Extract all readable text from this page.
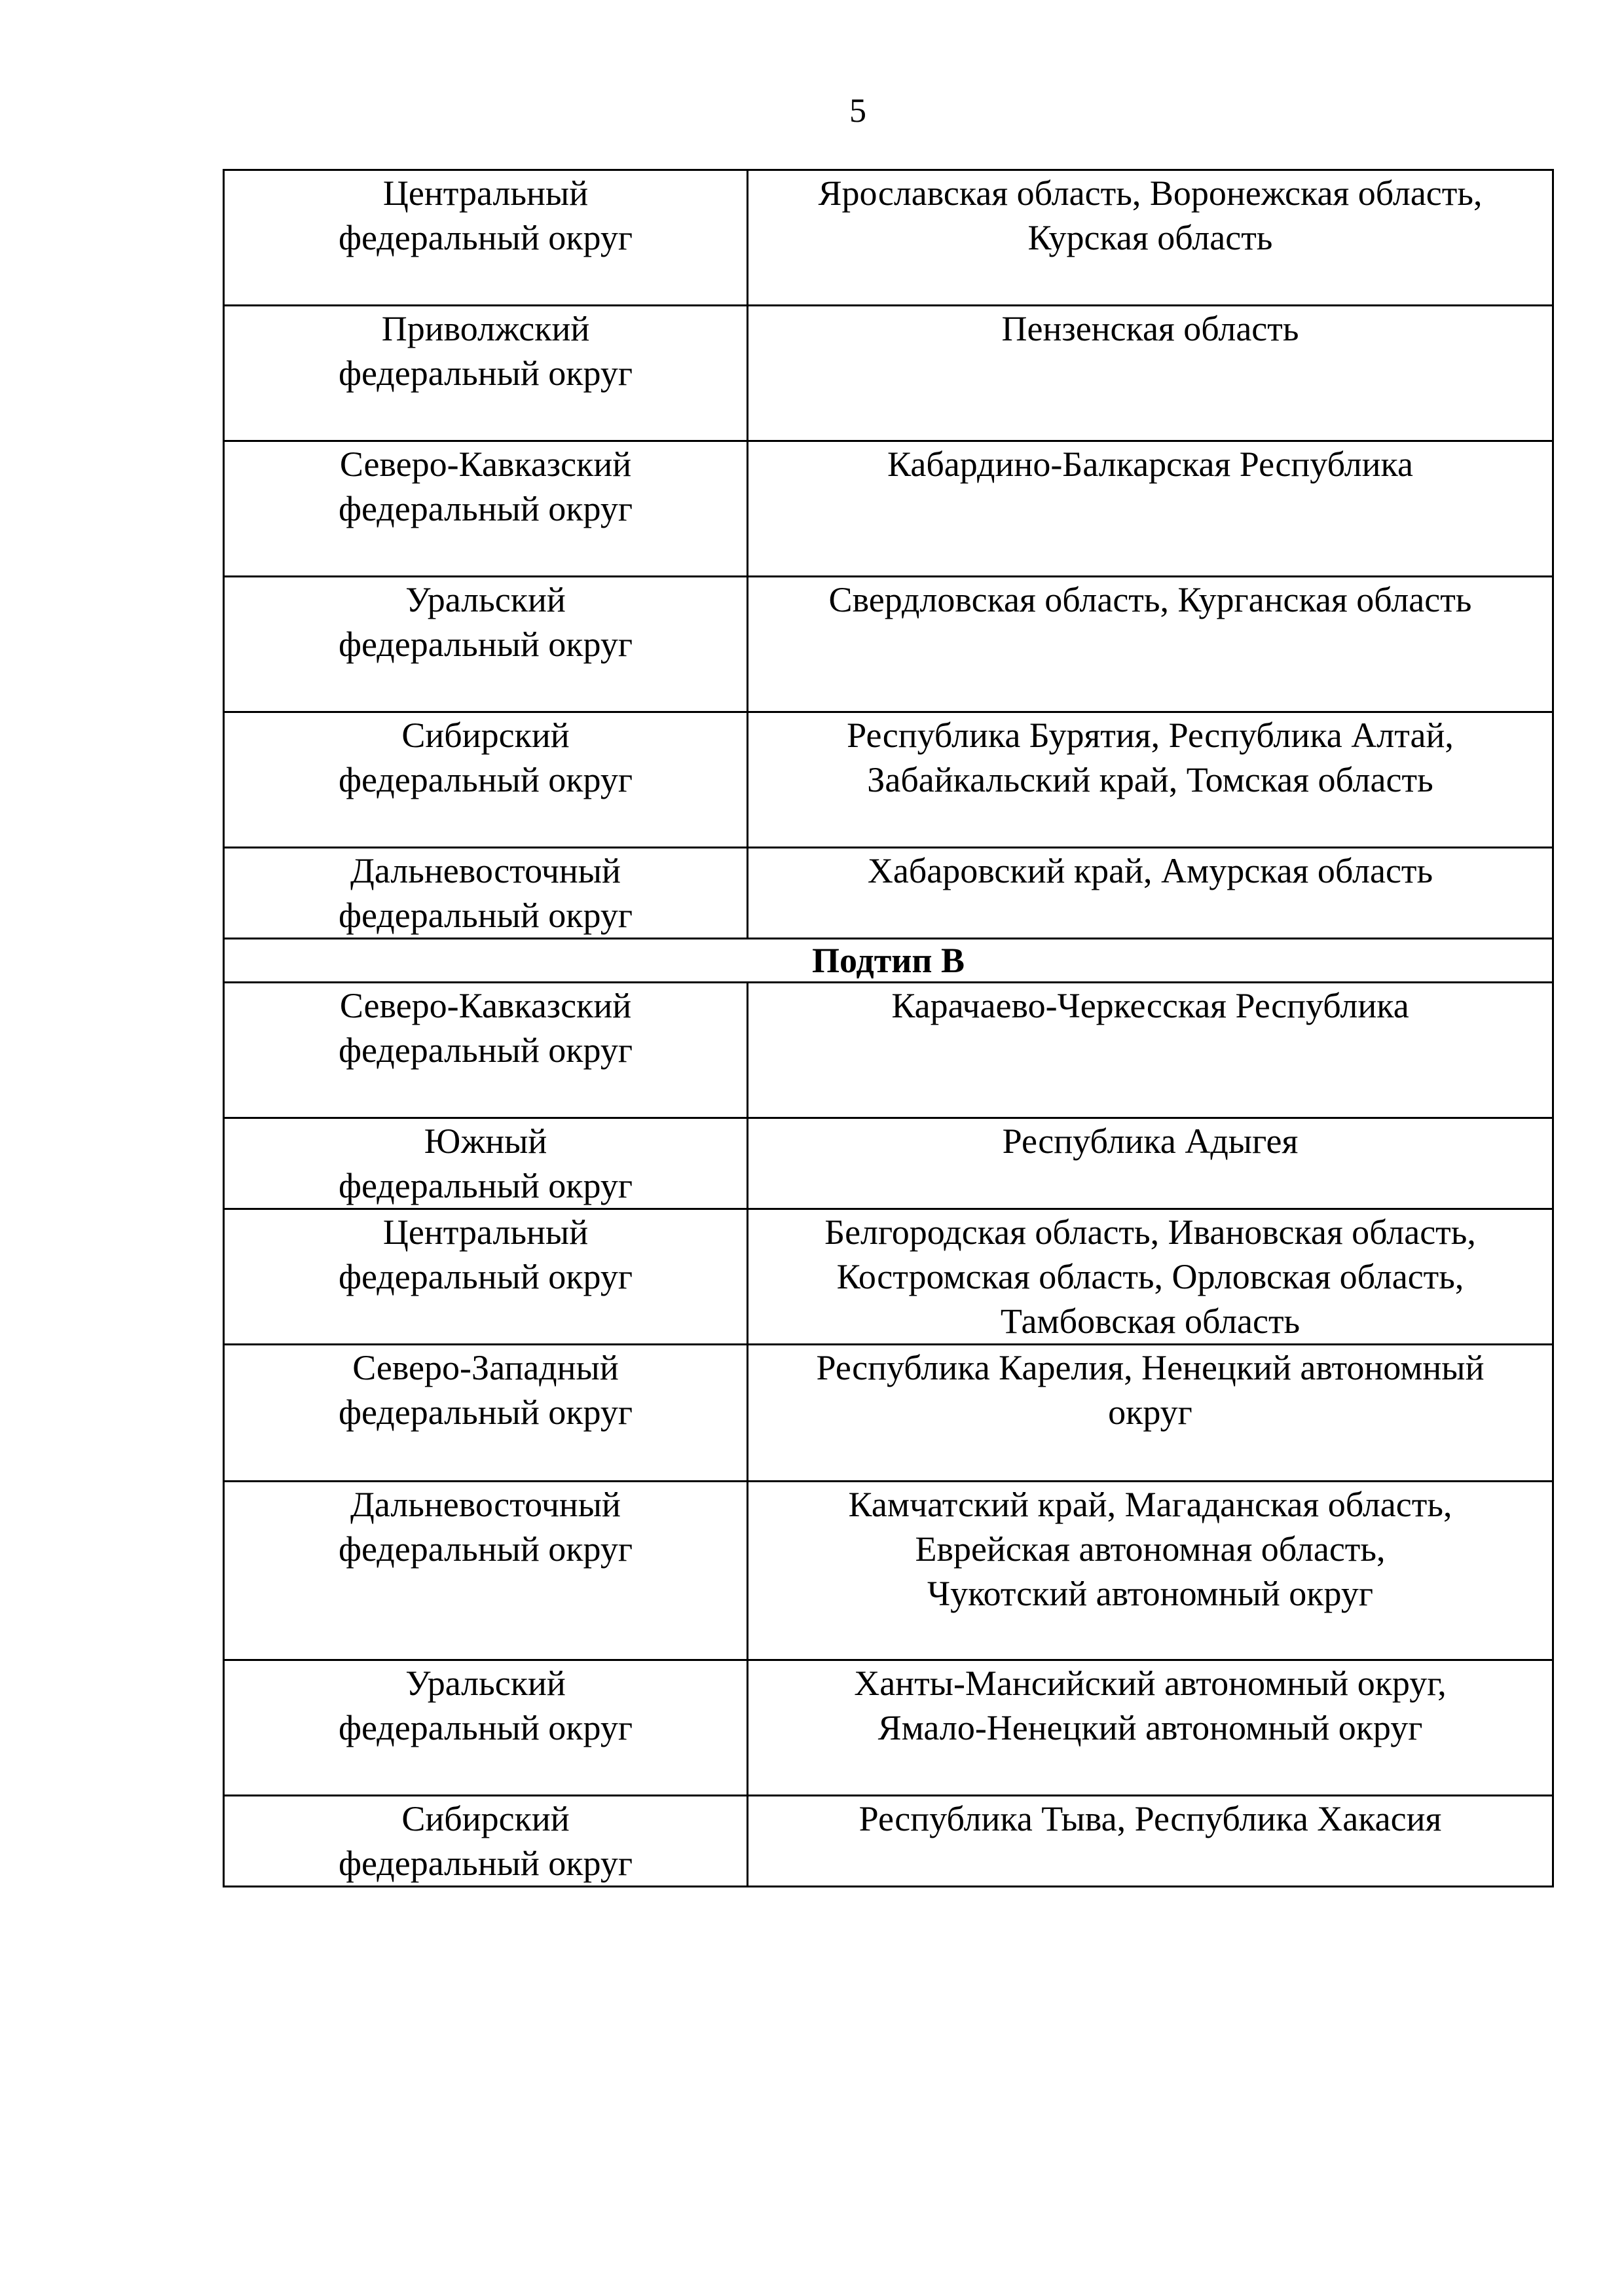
5
Центральный
федеральный округ	Ярославская область, Воронежская область,
Курская область
Приволжский
федеральный округ	Пензенская область
Северо-Кавказский
федеральный округ	Кабардино-Балкарская Республика
Уральский
федеральный округ	Свердловская область, Курганская область
Сибирский
федеральный округ	Республика Бурятия, Республика Алтай,
Забайкальский край, Томская область
Дальневосточный
федеральный округ	Хабаровский край, Амурская область
Подтип В	
Северо-Кавказский
федеральный округ	Карачаево-Черкесская Республика
Южный
федеральный округ	Республика Адыгея
Центральный
федеральный округ	Белгородская область, Ивановская область,
Костромская область, Орловская область,
Тамбовская область
Северо-Западный
федеральный округ	Республика Карелия, Ненецкий автономный
округ
Дальневосточный
федеральный округ	Камчатский край, Магаданская область,
Еврейская автономная область,
Чукотский автономный округ
Уральский
федеральный округ	Ханты-Мансийский автономный округ,
Ямало-Ненецкий автономный округ
Сибирский
федеральный округ	Республика Тыва, Республика Хакасия
